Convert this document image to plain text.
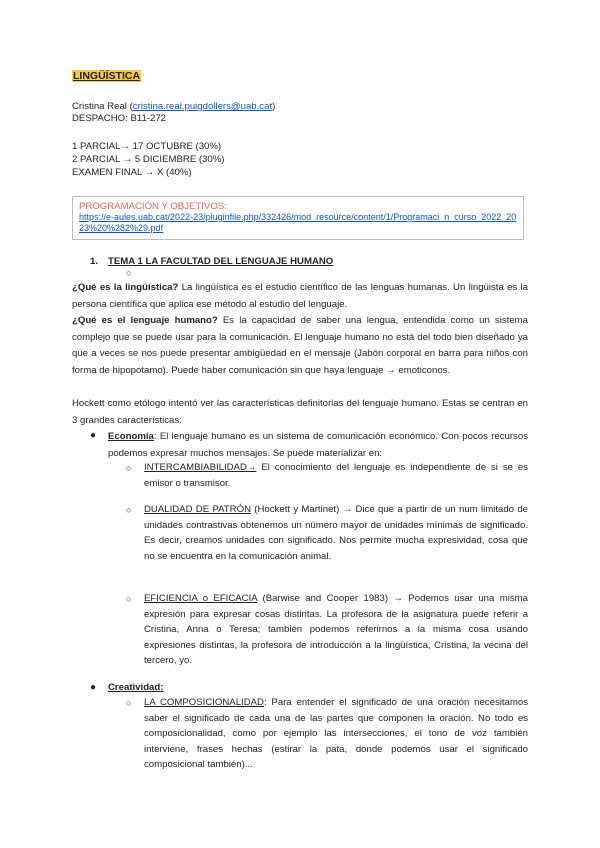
LINGÜÍSTICA
Cristina Real (cristina.real.puigdollers@uab.cat)
DESPACHO: B11-272
1 PARCIAL→ 17 OCTUBRE (30%)
2 PARCIAL → 5 DICIEMBRE (30%)
EXAMEN FINAL → X (40%)
PROGRAMACIÓN Y OBJETIVOS:
https://e-aules.uab.cat/2022-23/pluginfile.php/332426/mod_resource/content/1/Programaci_n_curso_2022_2023%20%282%29.pdf
1. TEMA 1 LA FACULTAD DEL LENGUAJE HUMANO
○
¿Qué es la lingüística? La lingüística es el estudio científico de las lenguas humanas. Un lingüista es la persona científica que aplica ese método al estudio del lenguaje.
¿Qué es el lenguaje humano? Es la capacidad de saber una lengua, entendida como un sistema complejo que se puede usar para la comunicación. El lenguaje humano no está del todo bien diseñado ya que a veces se nos puede presentar ambigüedad en el mensaje (Jabón corporal en barra para niños con forma de hipopotamo). Puede haber comunicación sin que haya lenguaje → emoticonos.
Hockett como etólogo intentó ver las características definitorias del lenguaje humano. Estas se centran en 3 grandes características:
● Economía: El lenguaje humano es un sistema de comunicación económico. Con pocos recursos podemos expresar muchos mensajes. Se puede materializar en:
○ INTERCAMBIABILIDAD→ El conocimiento del lenguaje es independiente de si se es emisor o transmisor.
○ DUALIDAD DE PATRÓN (Hockett y Martinet) → Dice que a partir de un num limitado de unidades contrastivas obtenemos un número mayor de unidades mínimas de significado. Es decir, creamos unidades con significado. Nos permite mucha expresividad, cosa que no se encuentra en la comunicación animal.
○ EFICIENCIA o EFICACIA (Barwise and Cooper 1983) → Podemos usar una misma expresión para expresar cosas distintas. La profesora de la asignatura puede referir a Cristina, Anna o Teresa; también podemos referirnos a la misma cosa usando expresiones distintas, la profesora de introducción a la lingüística, Cristina, la vecina del tercero, yo.
● Creatividad:
○ LA COMPOSICIONALIDAD: Para entender el significado de una oración necesitamos saber el significado de cada una de las partes que componen la oración. No todo es composicionalidad, como por ejemplo las intersecciones, el tono de voz también interviene, frases hechas (estirar la pata, donde podemos usar el significado composicional también)...
